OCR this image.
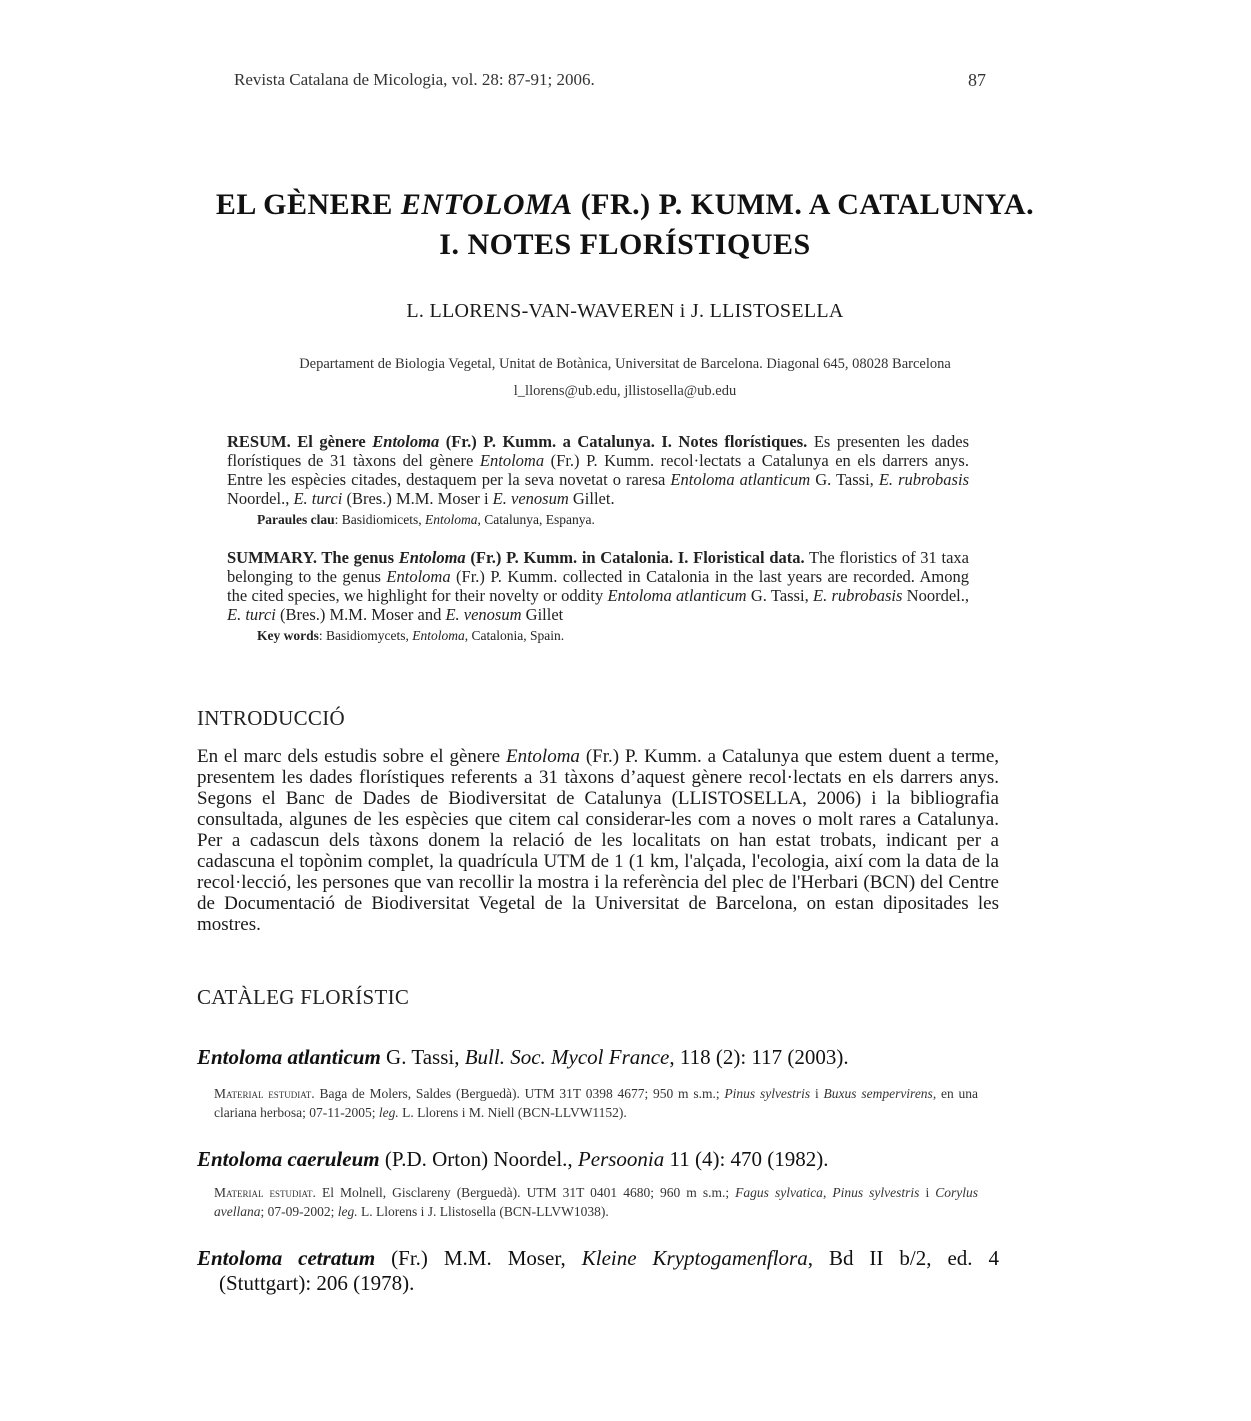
Revista Catalana de Micologia, vol. 28: 87-91; 2006.	87
EL GÈNERE ENTOLOMA (FR.) P. KUMM. A CATALUNYA.
I. NOTES FLORÍSTIQUES
L. LLORENS-VAN-WAVEREN i J. LLISTOSELLA
Departament de Biologia Vegetal, Unitat de Botànica, Universitat de Barcelona. Diagonal 645, 08028 Barcelona
l_llorens@ub.edu, jllistosella@ub.edu
RESUM. El gènere Entoloma (Fr.) P. Kumm. a Catalunya. I. Notes florístiques. Es presenten les dades florístiques de 31 tàxons del gènere Entoloma (Fr.) P. Kumm. recol·lectats a Catalunya en els darrers anys. Entre les espècies citades, destaquem per la seva novetat o raresa Entoloma atlanticum G. Tassi, E. rubrobasis Noordel., E. turci (Bres.) M.M. Moser i E. venosum Gillet.
Paraules clau: Basidiomicets, Entoloma, Catalunya, Espanya.
SUMMARY. The genus Entoloma (Fr.) P. Kumm. in Catalonia. I. Floristical data. The floristics of 31 taxa belonging to the genus Entoloma (Fr.) P. Kumm. collected in Catalonia in the last years are recorded. Among the cited species, we highlight for their novelty or oddity Entoloma atlanticum G. Tassi, E. rubrobasis Noordel., E. turci (Bres.) M.M. Moser and E. venosum Gillet
Key words: Basidiomycets, Entoloma, Catalonia, Spain.
INTRODUCCIÓ
En el marc dels estudis sobre el gènere Entoloma (Fr.) P. Kumm. a Catalunya que estem duent a terme, presentem les dades florístiques referents a 31 tàxons d’aquest gènere recol·lectats en els darrers anys. Segons el Banc de Dades de Biodiversitat de Catalunya (LLISTOSELLA, 2006) i la bibliografia consultada, algunes de les espècies que citem cal considerar-les com a noves o molt rares a Catalunya. Per a cadascun dels tàxons donem la relació de les localitats on han estat trobats, indicant per a cadascuna el topònim complet, la quadrícula UTM de 1 (1 km, l'alçada, l'ecologia, així com la data de la recol·lecció, les persones que van recollir la mostra i la referència del plec de l'Herbari (BCN) del Centre de Documentació de Biodiversitat Vegetal de la Universitat de Barcelona, on estan dipositades les mostres.
CATÀLEG FLORÍSTIC
Entoloma atlanticum G. Tassi, Bull. Soc. Mycol France, 118 (2): 117 (2003).
Material estudiat. Baga de Molers, Saldes (Berguedà). UTM 31T 0398 4677; 950 m s.m.; Pinus sylvestris i Buxus sempervirens, en una clariana herbosa; 07-11-2005; leg. L. Llorens i M. Niell (BCN-LLVW1152).
Entoloma caeruleum (P.D. Orton) Noordel., Persoonia 11 (4): 470 (1982).
Material estudiat. El Molnell, Gisclareny (Berguedà). UTM 31T 0401 4680; 960 m s.m.; Fagus sylvatica, Pinus sylvestris i Corylus avellana; 07-09-2002; leg. L. Llorens i J. Llistosella (BCN-LLVW1038).
Entoloma cetratum (Fr.) M.M. Moser, Kleine Kryptogamenflora, Bd II b/2, ed. 4
(Stuttgart): 206 (1978).
